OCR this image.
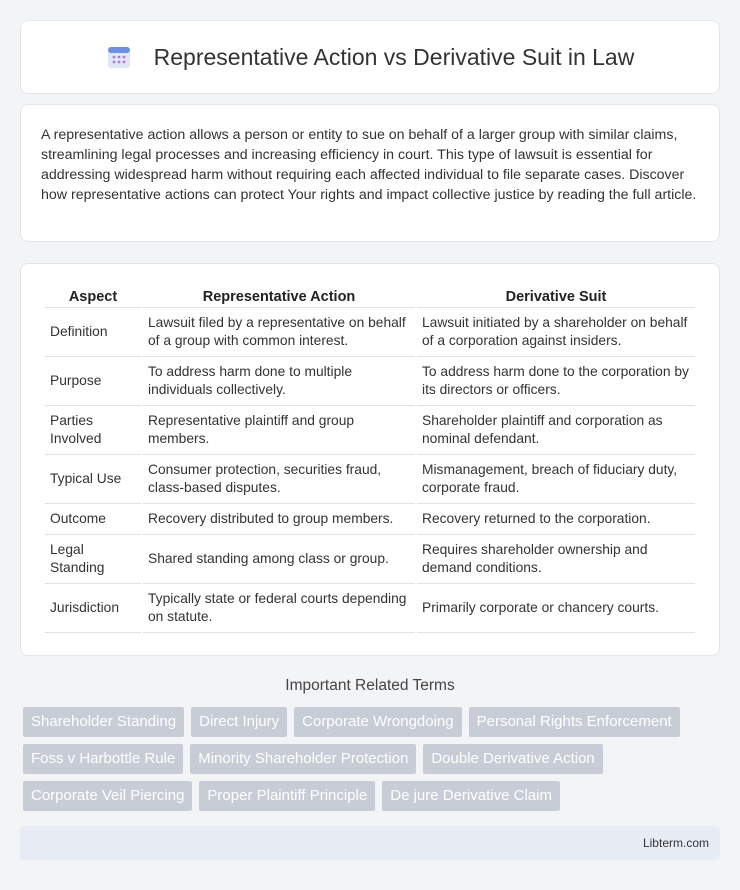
Representative Action vs Derivative Suit in Law

A representative action allows a person or entity to sue on behalf of a larger group with similar claims, streamlining legal processes and increasing efficiency in court. This type of lawsuit is essential for addressing widespread harm without requiring each affected individual to file separate cases. Discover how representative actions can protect Your rights and impact collective justice by reading the full article.

Aspect	Representative Action	Derivative Suit
Definition	Lawsuit filed by a representative on behalf of a group with common interest.	Lawsuit initiated by a shareholder on behalf of a corporation against insiders.
Purpose	To address harm done to multiple individuals collectively.	To address harm done to the corporation by its directors or officers.
Parties Involved	Representative plaintiff and group members.	Shareholder plaintiff and corporation as nominal defendant.
Typical Use	Consumer protection, securities fraud, class-based disputes.	Mismanagement, breach of fiduciary duty, corporate fraud.
Outcome	Recovery distributed to group members.	Recovery returned to the corporation.
Legal Standing	Shared standing among class or group.	Requires shareholder ownership and demand conditions.
Jurisdiction	Typically state or federal courts depending on statute.	Primarily corporate or chancery courts.
Important Related Terms
Shareholder Standing	Direct Injury	Corporate Wrongdoing	Personal Rights Enforcement
Foss v Harbottle Rule	Minority Shareholder Protection	Double Derivative Action
Corporate Veil Piercing	Proper Plaintiff Principle	De jure Derivative Claim
Libterm.com
